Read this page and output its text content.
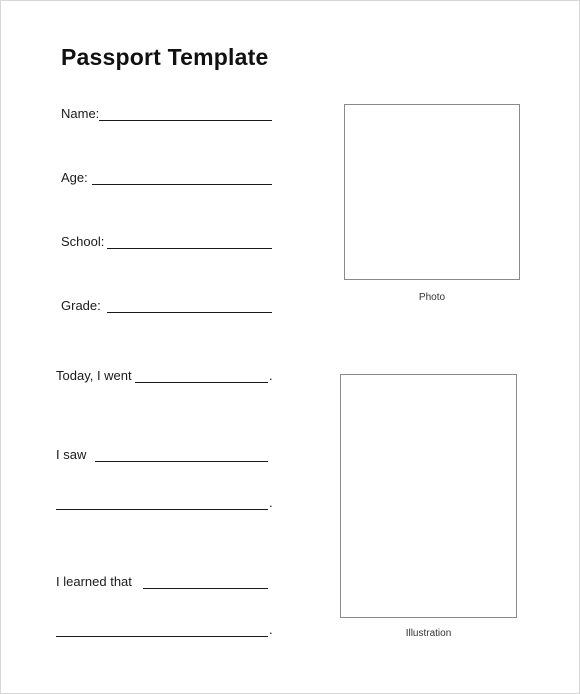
Passport Template
Name:
Age:
School:
Grade:
Today, I went	.
I saw
.
I learned that
.
Photo
Illustration
